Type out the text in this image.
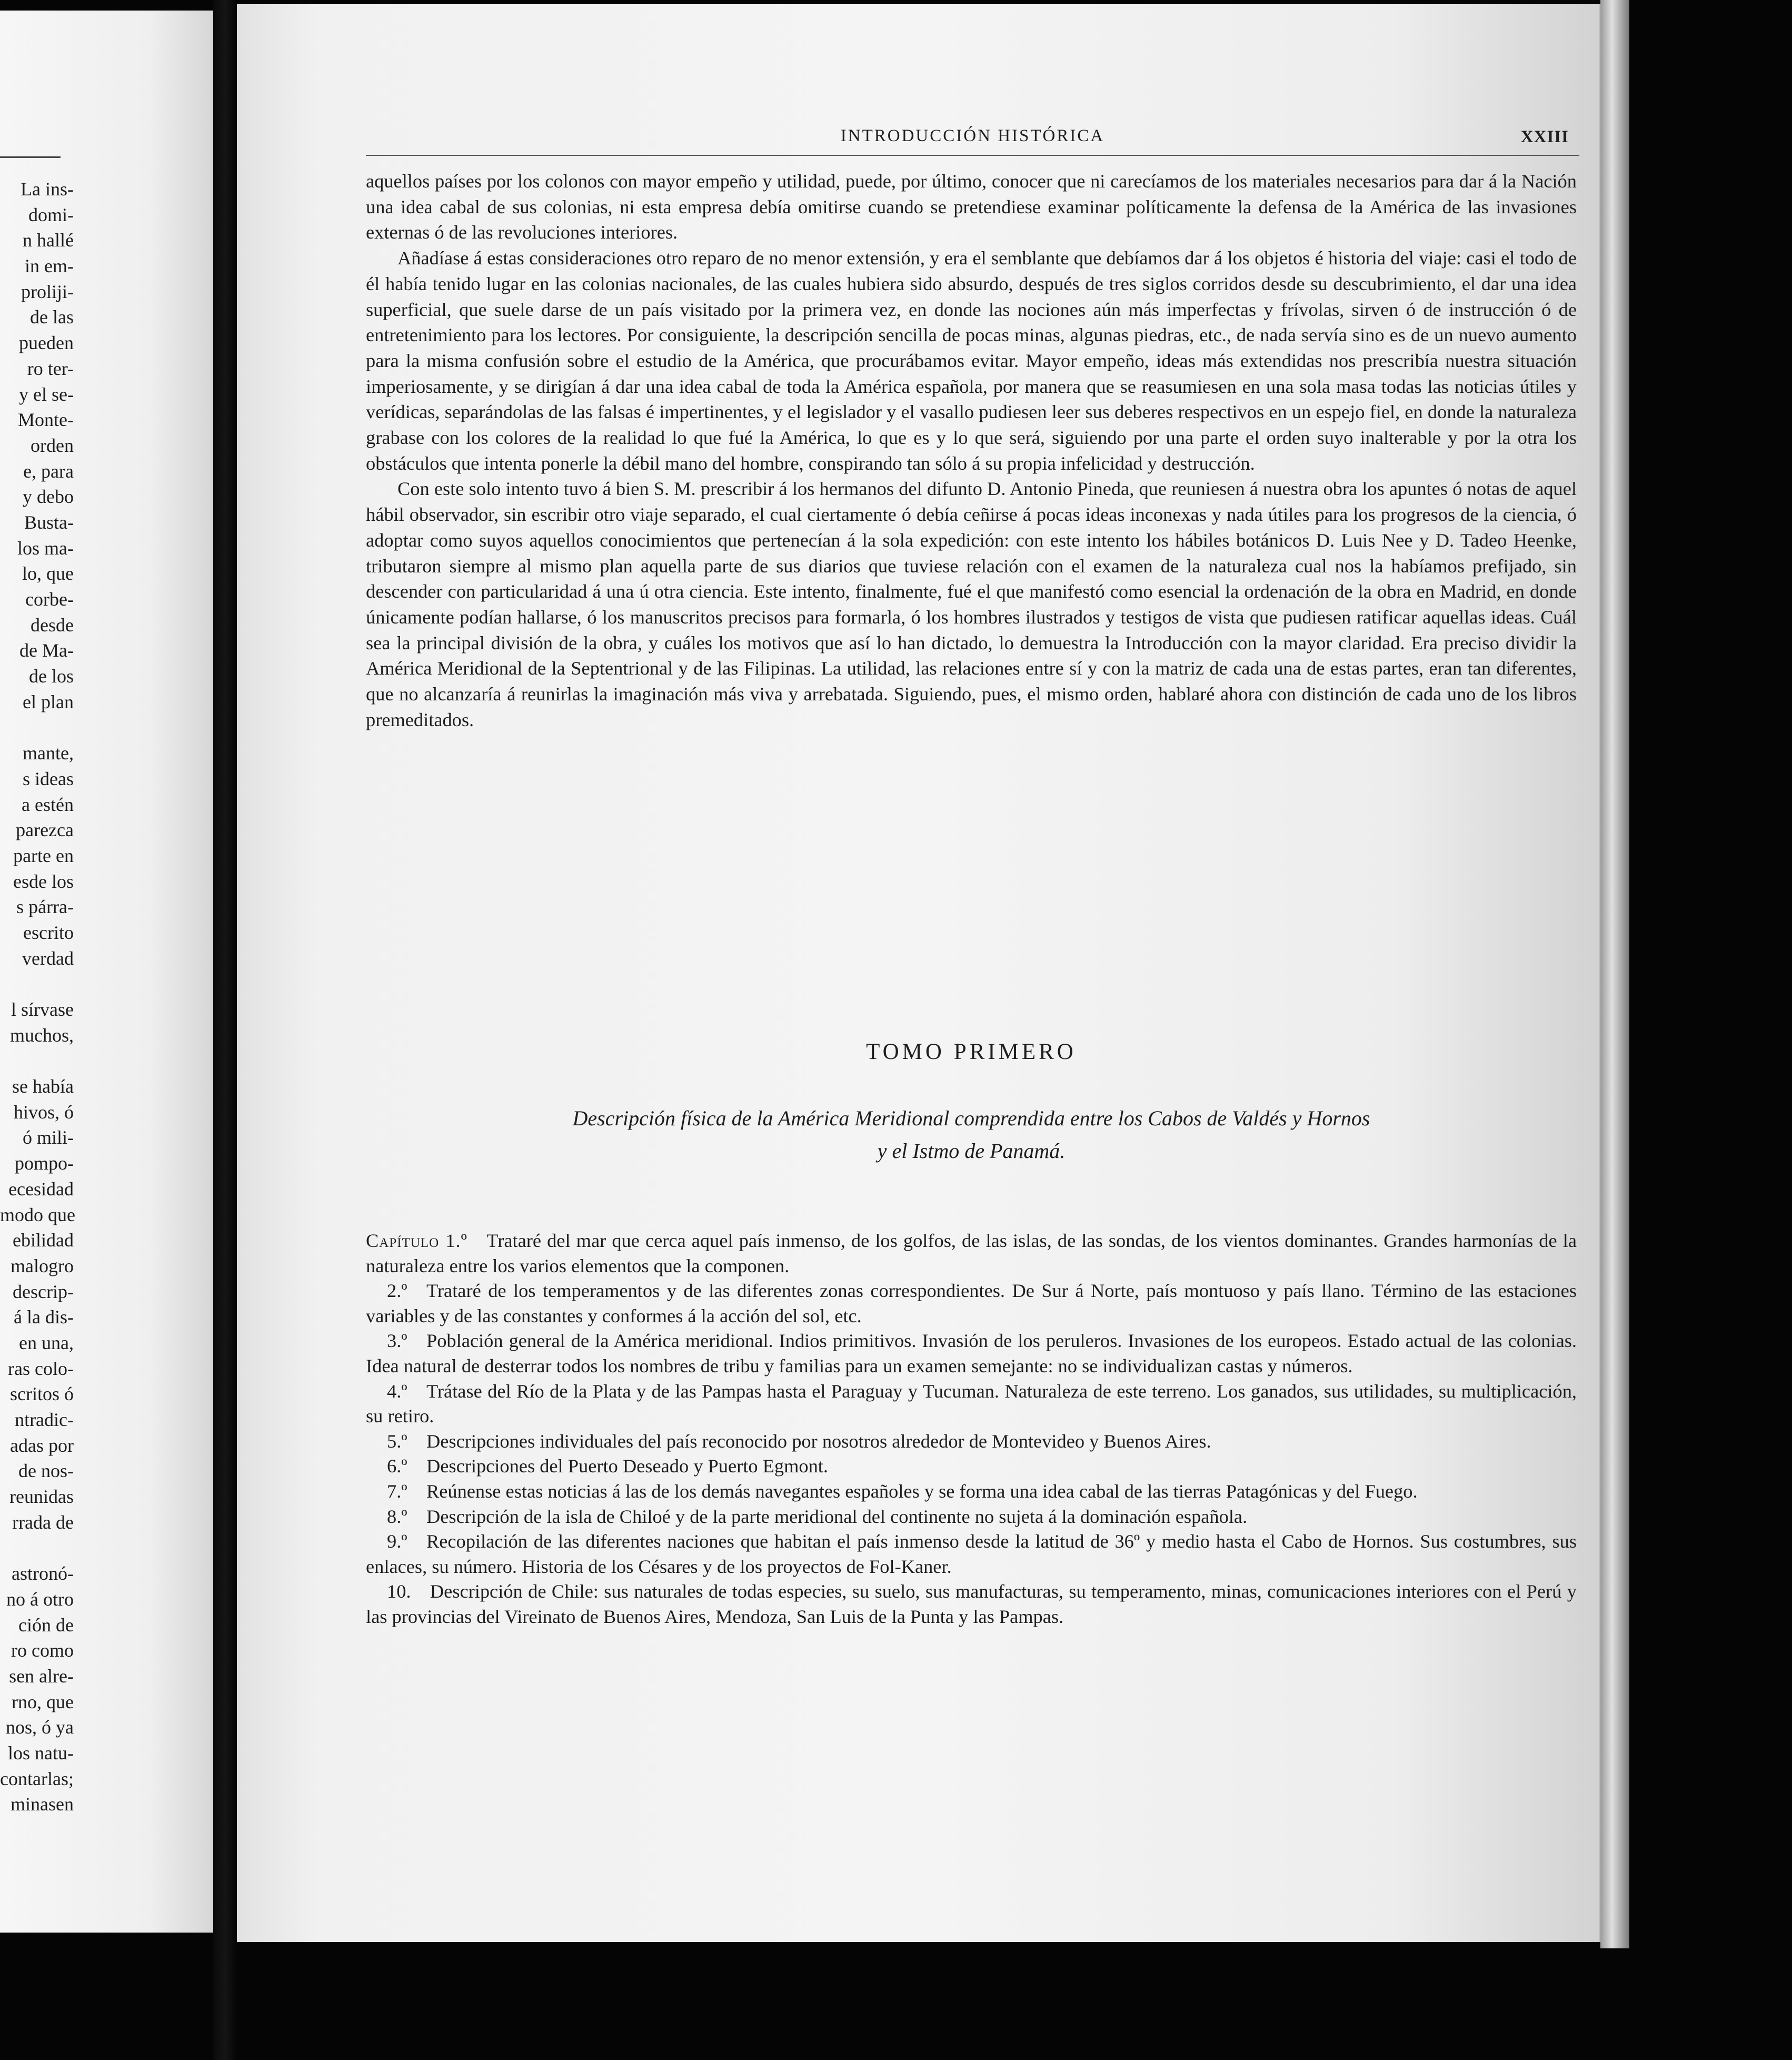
La ins-
domi-
n hallé
in em-
proliji-
de las
pueden
ro ter-
y el se-
Monte-
orden
e, para
y debo
Busta-
los ma-
lo, que
corbe-
desde
de Ma-
de los
el plan
mante,
s ideas
a estén
parezca
parte en
esde los
s párra-
escrito
verdad
l sírvase
muchos,
se había
hivos, ó
ó mili-
pompo-
ecesidad
modo que
ebilidad
malogro
descrip-
á la dis-
en una,
ras colo-
scritos ó
ntradic-
adas por
de nos-
reunidas
rrada de
astronó-
no á otro
ción de
ro como
sen alre-
rno, que
nos, ó ya
los natu-
contarlas;
minasen
INTRODUCCIÓN HISTÓRICA	XXIII

aquellos países por los colonos con mayor empeño y utilidad, puede, por último, conocer que ni carecíamos de los materiales necesarios para dar á la Nación una idea cabal de sus colonias, ni esta empresa debía omitirse cuando se pretendiese examinar políticamente la defensa de la América de las invasiones externas ó de las revoluciones interiores.

Añadíase á estas consideraciones otro reparo de no menor extensión, y era el semblante que debíamos dar á los objetos é historia del viaje: casi el todo de él había tenido lugar en las colonias nacionales, de las cuales hubiera sido absurdo, después de tres siglos corridos desde su descubrimiento, el dar una idea superficial, que suele darse de un país visitado por la primera vez, en donde las nociones aún más imperfectas y frívolas, sirven ó de instrucción ó de entretenimiento para los lectores. Por consiguiente, la descripción sencilla de pocas minas, algunas piedras, etc., de nada servía sino es de un nuevo aumento para la misma confusión sobre el estudio de la América, que procurábamos evitar. Mayor empeño, ideas más extendidas nos prescribía nuestra situación imperiosamente, y se dirigían á dar una idea cabal de toda la América española, por manera que se reasumiesen en una sola masa todas las noticias útiles y verídicas, separándolas de las falsas é impertinentes, y el legislador y el vasallo pudiesen leer sus deberes respectivos en un espejo fiel, en donde la naturaleza grabase con los colores de la realidad lo que fué la América, lo que es y lo que será, siguiendo por una parte el orden suyo inalterable y por la otra los obstáculos que intenta ponerle la débil mano del hombre, conspirando tan sólo á su propia infelicidad y destrucción.

Con este solo intento tuvo á bien S. M. prescribir á los hermanos del difunto D. Antonio Pineda, que reuniesen á nuestra obra los apuntes ó notas de aquel hábil observador, sin escribir otro viaje separado, el cual ciertamente ó debía ceñirse á pocas ideas inconexas y nada útiles para los progresos de la ciencia, ó adoptar como suyos aquellos conocimientos que pertenecían á la sola expedición: con este intento los hábiles botánicos D. Luis Nee y D. Tadeo Heenke, tributaron siempre al mismo plan aquella parte de sus diarios que tuviese relación con el examen de la naturaleza cual nos la habíamos prefijado, sin descender con particularidad á una ú otra ciencia. Este intento, finalmente, fué el que manifestó como esencial la ordenación de la obra en Madrid, en donde únicamente podían hallarse, ó los manuscritos precisos para formarla, ó los hombres ilustrados y testigos de vista que pudiesen ratificar aquellas ideas. Cuál sea la principal división de la obra, y cuáles los motivos que así lo han dictado, lo demuestra la Introducción con la mayor claridad. Era preciso dividir la América Meridional de la Septentrional y de las Filipinas. La utilidad, las relaciones entre sí y con la matriz de cada una de estas partes, eran tan diferentes, que no alcanzaría á reunirlas la imaginación más viva y arrebatada. Siguiendo, pues, el mismo orden, hablaré ahora con distinción de cada uno de los libros premeditados.

TOMO PRIMERO
Descripción física de la América Meridional comprendida entre los Cabos de Valdés y Hornos
y el Istmo de Panamá.

Capítulo 1.º  Trataré del mar que cerca aquel país inmenso, de los golfos, de las islas, de las sondas, de los vientos dominantes. Grandes harmonías de la naturaleza entre los varios elementos que la componen.

2.º  Trataré de los temperamentos y de las diferentes zonas correspondientes. De Sur á Norte, país montuoso y país llano. Término de las estaciones variables y de las constantes y conformes á la acción del sol, etc.

3.º  Población general de la América meridional. Indios primitivos. Invasión de los peruleros. Invasiones de los europeos. Estado actual de las colonias. Idea natural de desterrar todos los nombres de tribu y familias para un examen semejante: no se individualizan castas y números.

4.º  Trátase del Río de la Plata y de las Pampas hasta el Paraguay y Tucuman. Naturaleza de este terreno. Los ganados, sus utilidades, su multiplicación, su retiro.

5.º  Descripciones individuales del país reconocido por nosotros alrededor de Montevideo y Buenos Aires.

6.º  Descripciones del Puerto Deseado y Puerto Egmont.

7.º  Reúnense estas noticias á las de los demás navegantes españoles y se forma una idea cabal de las tierras Patagónicas y del Fuego.

8.º  Descripción de la isla de Chiloé y de la parte meridional del continente no sujeta á la dominación española.

9.º  Recopilación de las diferentes naciones que habitan el país inmenso desde la latitud de 36º y medio hasta el Cabo de Hornos. Sus costumbres, sus enlaces, su número. Historia de los Césares y de los proyectos de Fol-Kaner.

10.  Descripción de Chile: sus naturales de todas especies, su suelo, sus manufacturas, su temperamento, minas, comunicaciones interiores con el Perú y las provincias del Vireinato de Buenos Aires, Mendoza, San Luis de la Punta y las Pampas.
